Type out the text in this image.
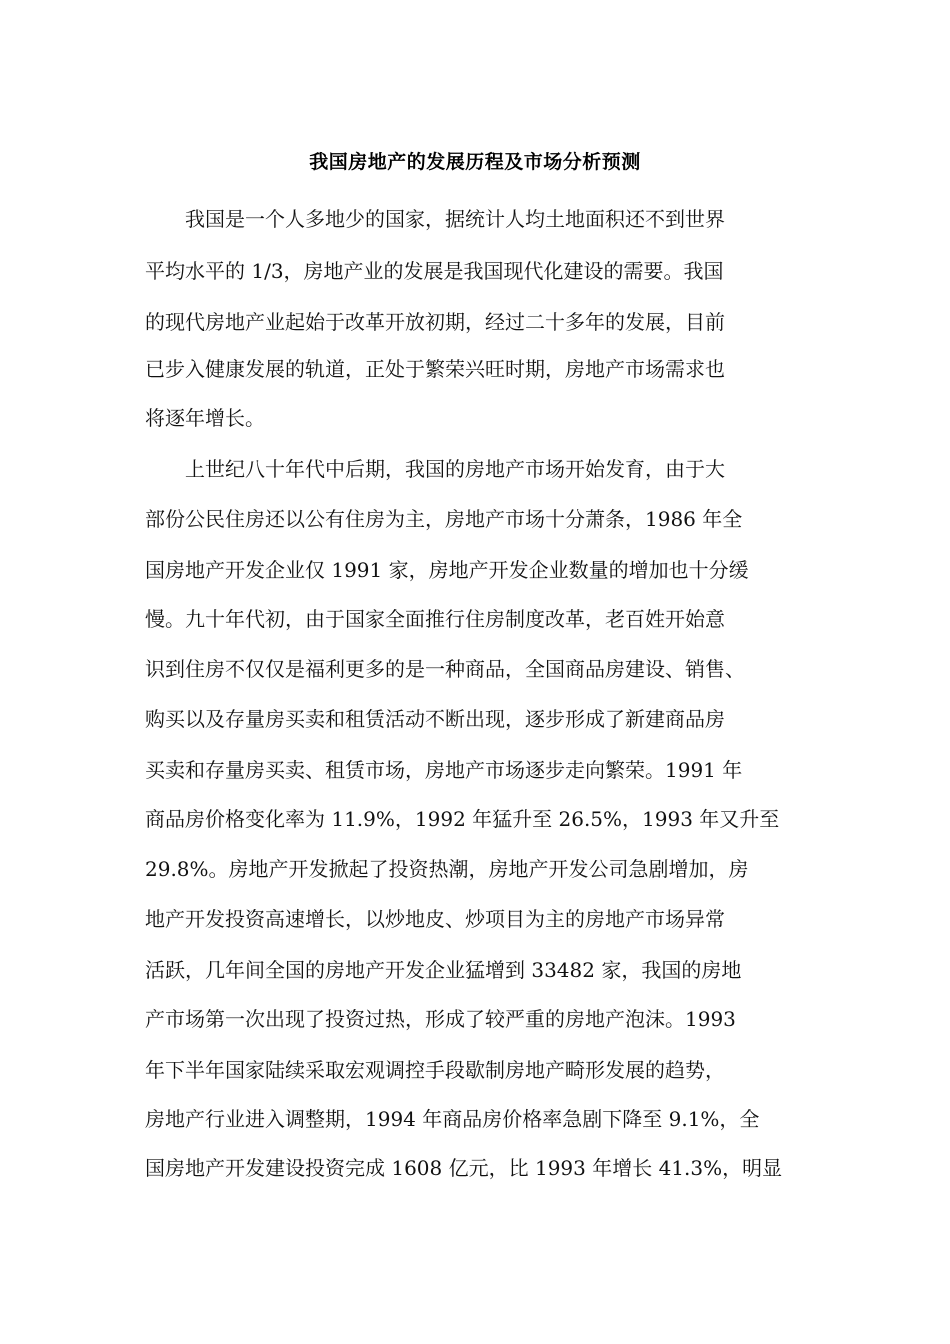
我国房地产的发展历程及市场分析预测
我国是一个人多地少的国家，据统计人均土地面积还不到世界
平均水平的 1/3，房地产业的发展是我国现代化建设的需要。我国
的现代房地产业起始于改革开放初期，经过二十多年的发展，目前
已步入健康发展的轨道，正处于繁荣兴旺时期，房地产市场需求也
将逐年增长。
上世纪八十年代中后期，我国的房地产市场开始发育，由于大
部份公民住房还以公有住房为主，房地产市场十分萧条，1986 年全
国房地产开发企业仅 1991 家，房地产开发企业数量的增加也十分缓
慢。九十年代初，由于国家全面推行住房制度改革，老百姓开始意
识到住房不仅仅是福利更多的是一种商品，全国商品房建设、销售、
购买以及存量房买卖和租赁活动不断出现，逐步形成了新建商品房
买卖和存量房买卖、租赁市场，房地产市场逐步走向繁荣。1991 年
商品房价格变化率为 11.9%，1992 年猛升至 26.5%，1993 年又升至
29.8%。房地产开发掀起了投资热潮，房地产开发公司急剧增加，房
地产开发投资高速增长，以炒地皮、炒项目为主的房地产市场异常
活跃，几年间全国的房地产开发企业猛增到 33482 家，我国的房地
产市场第一次出现了投资过热，形成了较严重的房地产泡沫。1993
年下半年国家陆续采取宏观调控手段歇制房地产畸形发展的趋势，
房地产行业进入调整期，1994 年商品房价格率急剧下降至 9.1%，全
国房地产开发建设投资完成 1608 亿元，比 1993 年增长 41.3%，明显
